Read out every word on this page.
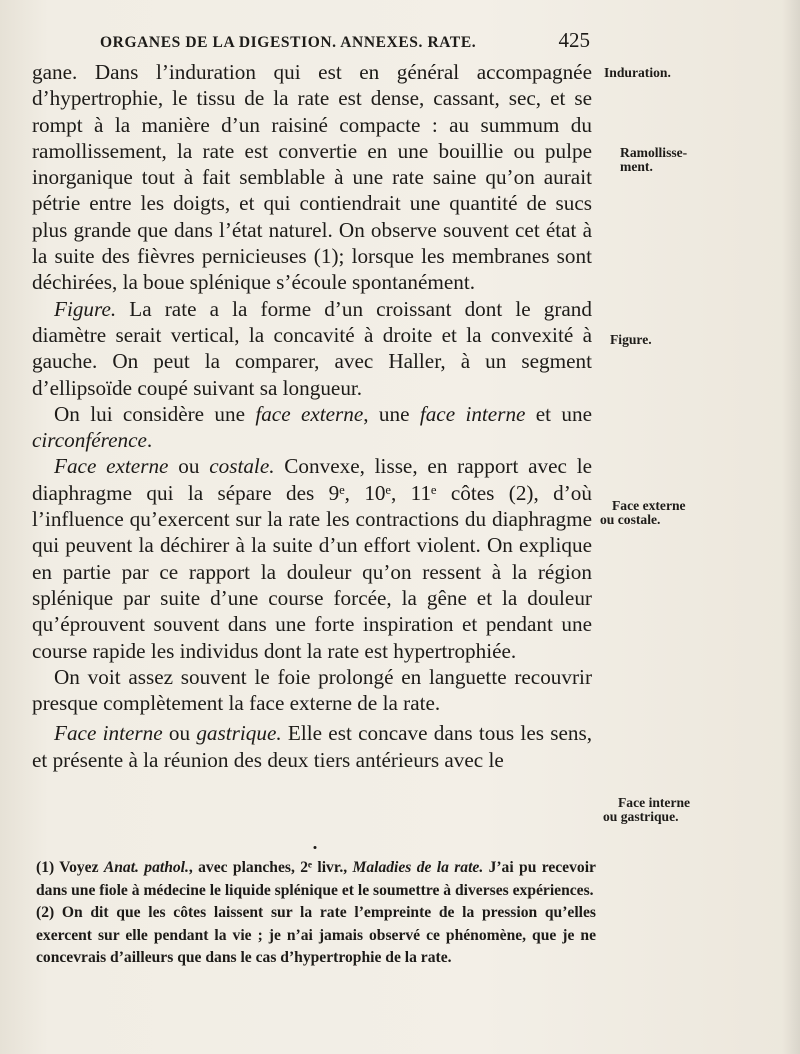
ORGANES DE LA DIGESTION. ANNEXES. RATE.	425

gane. Dans l’induration qui est en général accompagnée d’hypertrophie, le tissu de la rate est dense, cassant, sec, et se rompt à la manière d’un raisiné compacte : au summum du ramollissement, la rate est convertie en une bouillie ou pulpe inorganique tout à fait semblable à une rate saine qu’on aurait pétrie entre les doigts, et qui contiendrait une quantité de sucs plus grande que dans l’état naturel. On observe souvent cet état à la suite des fièvres pernicieuses (1); lorsque les membranes sont déchirées, la boue splénique s’écoule spontanément.

Figure. La rate a la forme d’un croissant dont le grand diamètre serait vertical, la concavité à droite et la convexité à gauche. On peut la comparer, avec Haller, à un segment d’ellipsoïde coupé suivant sa longueur.

On lui considère une face externe, une face interne et une circonférence.

Face externe ou costale. Convexe, lisse, en rapport avec le diaphragme qui la sépare des 9ᵉ, 10ᵉ, 11ᵉ côtes (2), d’où l’influence qu’exercent sur la rate les contractions du diaphragme qui peuvent la déchirer à la suite d’un effort violent. On explique en partie par ce rapport la douleur qu’on ressent à la région splénique par suite d’une course forcée, la gêne et la douleur qu’éprouvent souvent dans une forte inspiration et pendant une course rapide les individus dont la rate est hypertrophiée.

On voit assez souvent le foie prolongé en languette recouvrir presque complètement la face externe de la rate.

Face interne ou gastrique. Elle est concave dans tous les sens, et présente à la réunion des deux tiers antérieurs avec le

Induration.
Ramollisse-ment.
Figure.
Face externe
ou costale.
Face interne
ou gastrique.

(1) Voyez Anat. pathol., avec planches, 2ᵉ livr., Maladies de la rate. J’ai pu recevoir dans une fiole à médecine le liquide splénique et le soumettre à diverses expériences.

(2) On dit que les côtes laissent sur la rate l’empreinte de la pression qu’elles exercent sur elle pendant la vie ; je n’ai jamais observé ce phénomène, que je ne concevrais d’ailleurs que dans le cas d’hypertrophie de la rate.
